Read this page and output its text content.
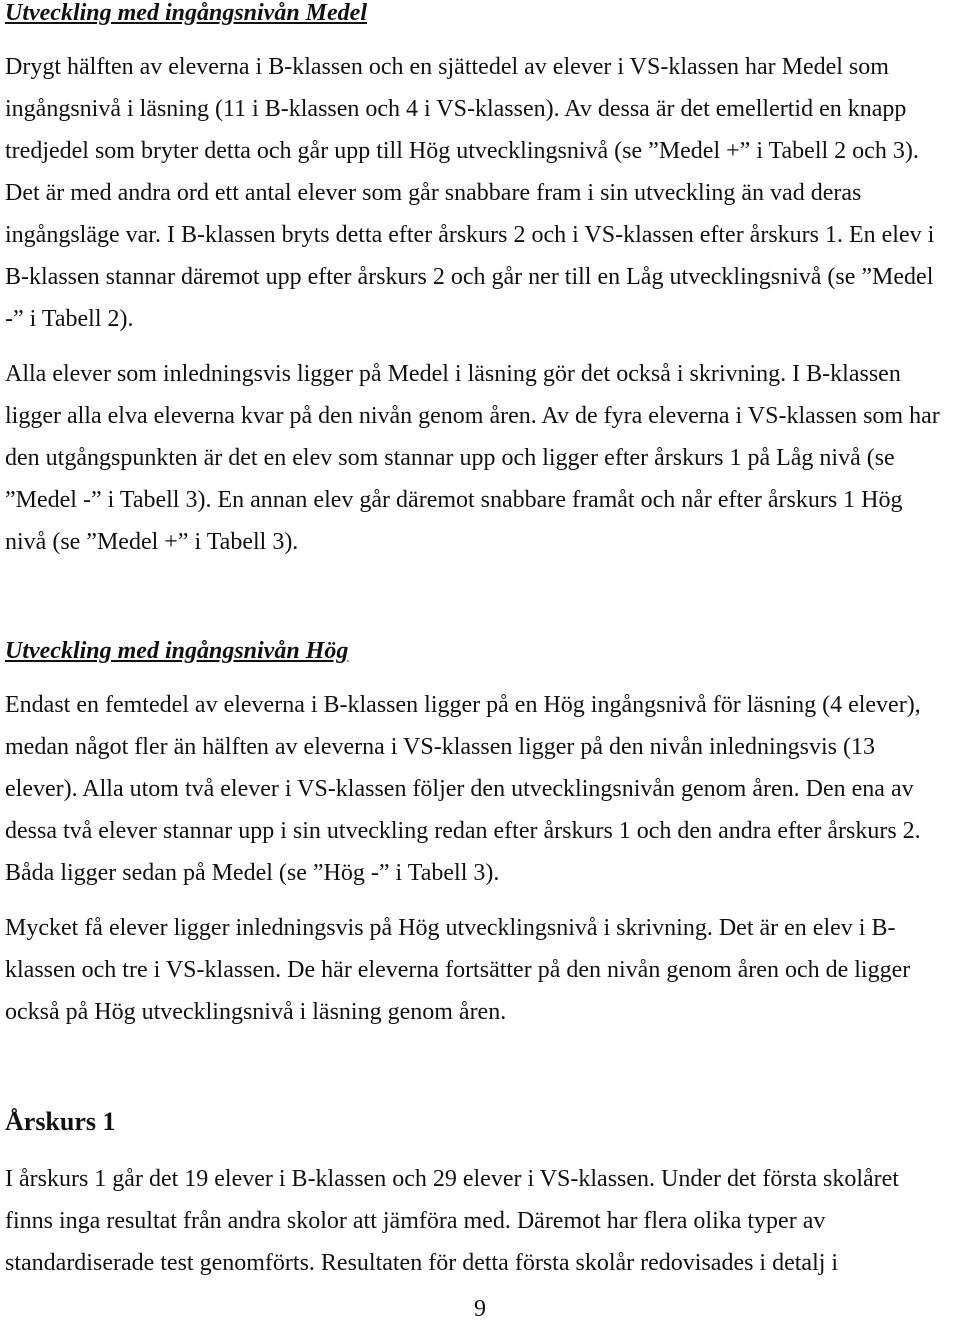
Utveckling med ingångsnivån Medel
Drygt hälften av eleverna i B-klassen och en sjättedel av elever i VS-klassen har Medel som
ingångsnivå i läsning (11 i B-klassen och 4 i VS-klassen). Av dessa är det emellertid en knapp
tredjedel som bryter detta och går upp till Hög utvecklingsnivå (se ”Medel +” i Tabell 2 och 3).
Det är med andra ord ett antal elever som går snabbare fram i sin utveckling än vad deras
ingångsläge var. I B-klassen bryts detta efter årskurs 2 och i VS-klassen efter årskurs 1. En elev i
B-klassen stannar däremot upp efter årskurs 2 och går ner till en Låg utvecklingsnivå (se ”Medel
-” i Tabell 2).
Alla elever som inledningsvis ligger på Medel i läsning gör det också i skrivning. I B-klassen
ligger alla elva eleverna kvar på den nivån genom åren. Av de fyra eleverna i VS-klassen som har
den utgångspunkten är det en elev som stannar upp och ligger efter årskurs 1 på Låg nivå (se
”Medel -” i Tabell 3). En annan elev går däremot snabbare framåt och når efter årskurs 1 Hög
nivå (se ”Medel +” i Tabell 3).
Utveckling med ingångsnivån Hög
Endast en femtedel av eleverna i B-klassen ligger på en Hög ingångsnivå för läsning (4 elever),
medan något fler än hälften av eleverna i VS-klassen ligger på den nivån inledningsvis (13
elever). Alla utom två elever i VS-klassen följer den utvecklingsnivån genom åren. Den ena av
dessa två elever stannar upp i sin utveckling redan efter årskurs 1 och den andra efter årskurs 2.
Båda ligger sedan på Medel (se ”Hög -” i Tabell 3).
Mycket få elever ligger inledningsvis på Hög utvecklingsnivå i skrivning. Det är en elev i B-
klassen och tre i VS-klassen. De här eleverna fortsätter på den nivån genom åren och de ligger
också på Hög utvecklingsnivå i läsning genom åren.
Årskurs 1
I årskurs 1 går det 19 elever i B-klassen och 29 elever i VS-klassen. Under det första skolåret
finns inga resultat från andra skolor att jämföra med. Däremot har flera olika typer av
standardiserade test genomförts. Resultaten för detta första skolår redovisades i detalj i
9
